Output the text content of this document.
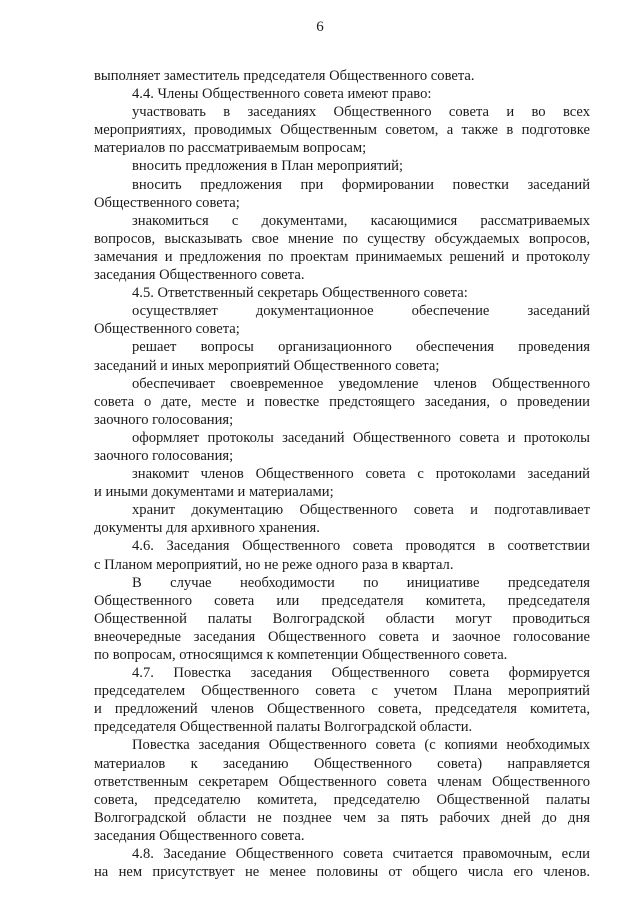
6
выполняет заместитель председателя Общественного совета.
4.4. Члены Общественного совета имеют право:
участвовать в заседаниях Общественного совета и во всех
мероприятиях, проводимых Общественным советом, а также в подготовке
материалов по рассматриваемым вопросам;
вносить предложения в План мероприятий;
вносить предложения при формировании повестки заседаний
Общественного совета;
знакомиться с документами, касающимися рассматриваемых
вопросов, высказывать свое мнение по существу обсуждаемых вопросов,
замечания и предложения по проектам принимаемых решений и протоколу
заседания Общественного совета.
4.5. Ответственный секретарь Общественного совета:
осуществляет документационное обеспечение заседаний
Общественного совета;
решает вопросы организационного обеспечения проведения
заседаний и иных мероприятий Общественного совета;
обеспечивает своевременное уведомление членов Общественного
совета о дате, месте и повестке предстоящего заседания, о проведении
заочного голосования;
оформляет протоколы заседаний Общественного совета и протоколы
заочного голосования;
знакомит членов Общественного совета с протоколами заседаний
и иными документами и материалами;
хранит документацию Общественного совета и подготавливает
документы для архивного хранения.
4.6. Заседания Общественного совета проводятся в соответствии
с Планом мероприятий, но не реже одного раза в квартал.
В случае необходимости по инициативе председателя
Общественного совета или председателя комитета, председателя
Общественной палаты Волгоградской области могут проводиться
внеочередные заседания Общественного совета и заочное голосование
по вопросам, относящимся к компетенции Общественного совета.
4.7. Повестка заседания Общественного совета формируется
председателем Общественного совета с учетом Плана мероприятий
и предложений членов Общественного совета, председателя комитета,
председателя Общественной палаты Волгоградской области.
Повестка заседания Общественного совета (с копиями необходимых
материалов к заседанию Общественного совета) направляется
ответственным секретарем Общественного совета членам Общественного
совета, председателю комитета, председателю Общественной палаты
Волгоградской области не позднее чем за пять рабочих дней до дня
заседания Общественного совета.
4.8. Заседание Общественного совета считается правомочным, если
на нем присутствует не менее половины от общего числа его членов.
